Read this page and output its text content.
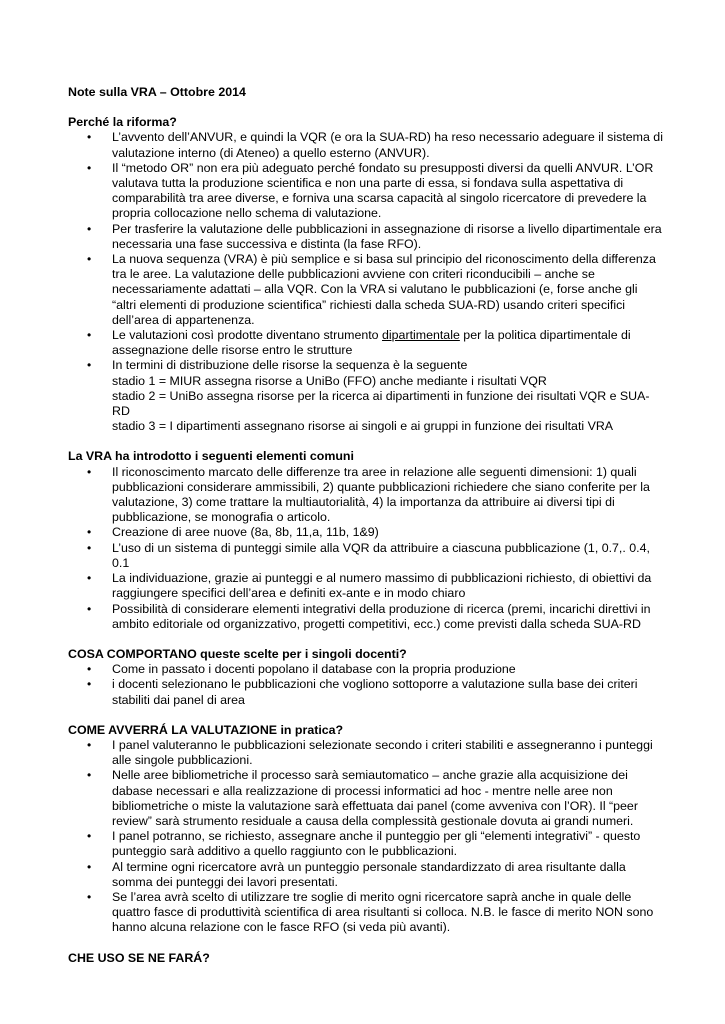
Note sulla VRA – Ottobre 2014

Perché la riforma?

• L’avvento dell’ANVUR, e quindi la VQR (e ora la SUA-RD) ha reso necessario adeguare il sistema di valutazione interno (di Ateneo) a quello esterno (ANVUR).
• Il “metodo OR” non era più adeguato perché fondato su presupposti diversi da quelli ANVUR. L’OR valutava tutta la produzione scientifica e non una parte di essa, si fondava sulla aspettativa di comparabilità tra aree diverse, e forniva una scarsa capacità al singolo ricercatore di prevedere la propria collocazione nello schema di valutazione.
• Per trasferire la valutazione delle pubblicazioni in assegnazione di risorse a livello dipartimentale era necessaria una fase successiva e distinta (la fase RFO).
• La nuova sequenza (VRA) è più semplice e si basa sul principio del riconoscimento della differenza tra le aree. La valutazione delle pubblicazioni avviene con criteri riconducibili – anche se necessariamente adattati – alla VQR. Con la VRA si valutano le pubblicazioni (e, forse anche gli “altri elementi di produzione scientifica” richiesti dalla scheda SUA-RD) usando criteri specifici dell’area di appartenenza.
• Le valutazioni così prodotte diventano strumento dipartimentale per la politica dipartimentale di assegnazione delle risorse entro le strutture
• In termini di distribuzione delle risorse la sequenza è la seguente
stadio 1 = MIUR assegna risorse a UniBo (FFO) anche mediante i risultati VQR
stadio 2 = UniBo assegna risorse per la ricerca ai dipartimenti in funzione dei risultati VQR e SUA-RD
stadio 3 = I dipartimenti assegnano risorse ai singoli e ai gruppi in funzione dei risultati VRA

La VRA ha introdotto i seguenti elementi comuni

• Il riconoscimento marcato delle differenze tra aree in relazione alle seguenti dimensioni: 1) quali pubblicazioni considerare ammissibili, 2) quante pubblicazioni richiedere che siano conferite per la valutazione, 3) come trattare la multiautorialità, 4) la importanza da attribuire ai diversi tipi di pubblicazione, se monografia o articolo.
• Creazione di aree nuove (8a, 8b, 11,a, 11b, 1&9)
• L’uso di un sistema di punteggi simile alla VQR da attribuire a ciascuna pubblicazione (1, 0.7,. 0.4, 0.1
• La individuazione, grazie ai punteggi e al numero massimo di pubblicazioni richiesto, di obiettivi da raggiungere specifici dell’area e definiti ex-ante e in modo chiaro
• Possibilità di considerare elementi integrativi della produzione di ricerca (premi, incarichi direttivi in ambito editoriale od organizzativo, progetti competitivi, ecc.) come previsti dalla scheda SUA-RD

COSA COMPORTANO queste scelte per i singoli docenti?

• Come in passato i docenti popolano il database con la propria produzione
• i docenti selezionano le pubblicazioni che vogliono sottoporre a valutazione sulla base dei criteri stabiliti dai panel di area

COME AVVERRÁ LA VALUTAZIONE in pratica?

• I panel valuteranno le pubblicazioni selezionate secondo i criteri stabiliti e assegneranno i punteggi alle singole pubblicazioni.
• Nelle aree bibliometriche il processo sarà semiautomatico – anche grazie alla acquisizione dei dabase necessari e alla realizzazione di processi informatici ad hoc - mentre nelle aree non bibliometriche o miste la valutazione sarà effettuata dai panel (come avveniva con l’OR). Il “peer review” sarà strumento residuale a causa della complessità gestionale dovuta ai grandi numeri.
• I panel potranno, se richiesto, assegnare anche il punteggio per gli “elementi integrativi” - questo punteggio sarà additivo a quello raggiunto con le pubblicazioni.
• Al termine ogni ricercatore avrà un punteggio personale standardizzato di area risultante dalla somma dei punteggi dei lavori presentati.
• Se l’area avrà scelto di utilizzare tre soglie di merito ogni ricercatore saprà anche in quale delle quattro fasce di produttività scientifica di area risultanti si colloca. N.B. le fasce di merito NON sono hanno alcuna relazione con le fasce RFO (si veda più avanti).

CHE USO SE NE FARÁ?
